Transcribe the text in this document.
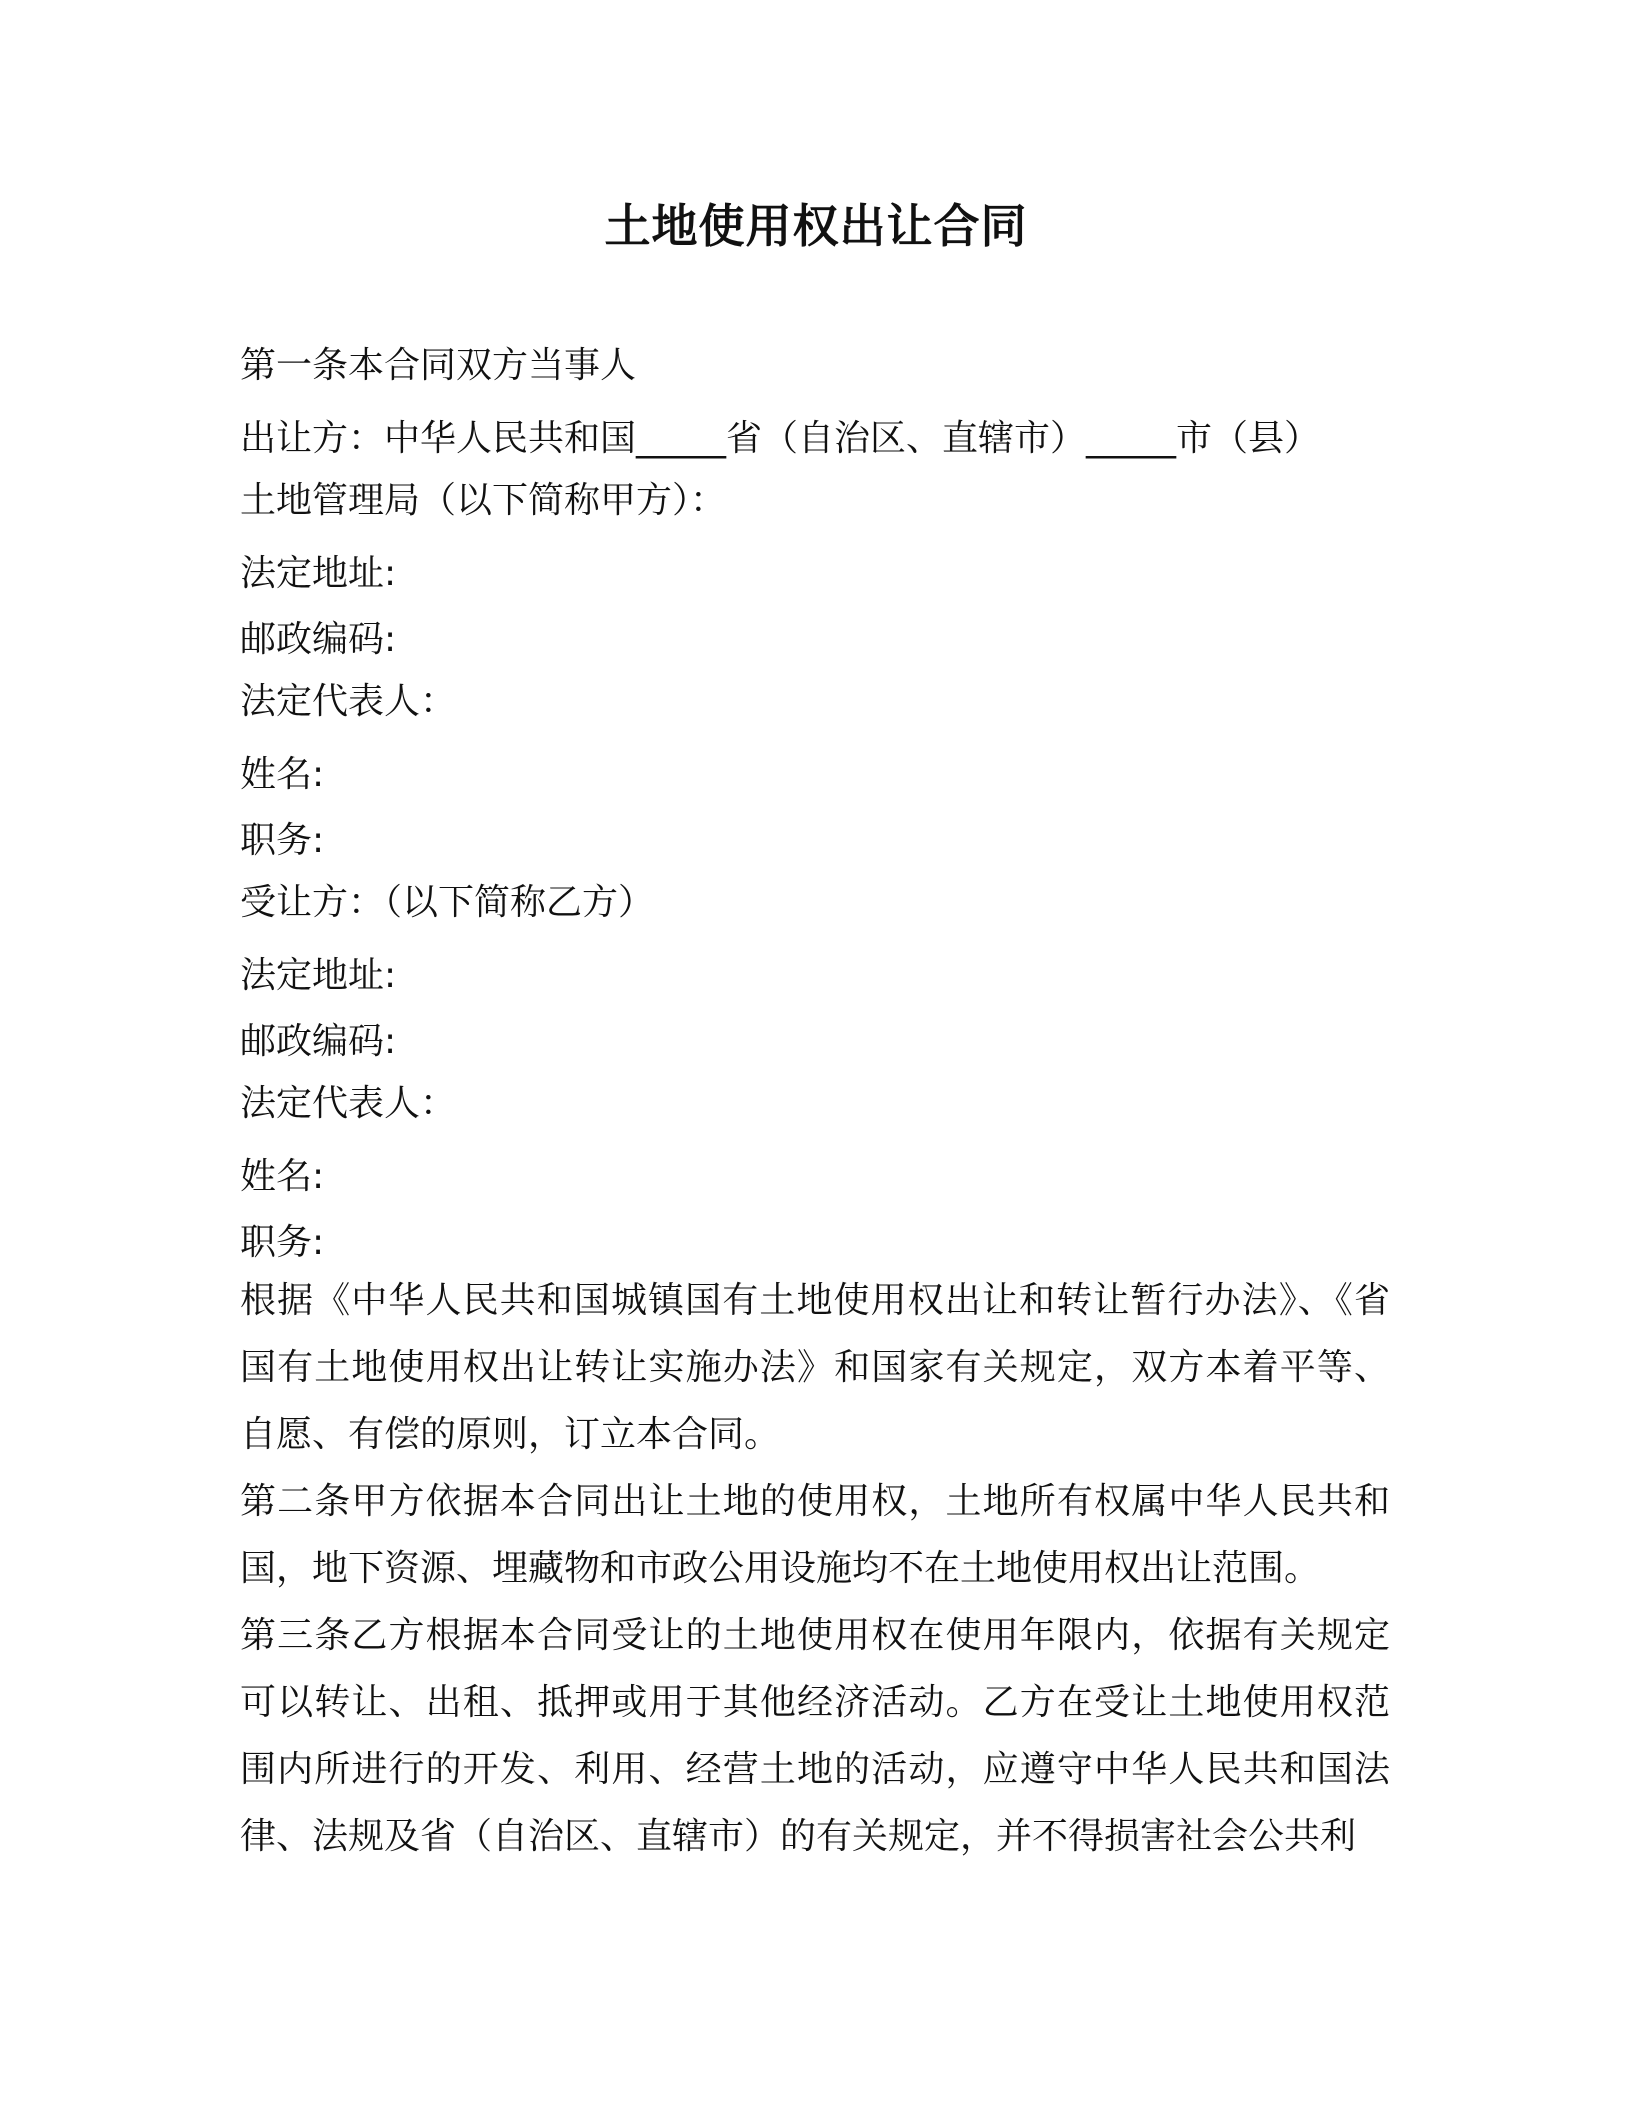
土地使用权出让合同

第一条本合同双方当事人

出让方：中华人民共和国_____省（自治区、直辖市）_____市（县）

土地管理局（以下简称甲方）：

法定地址:

邮政编码:

法定代表人：

姓名:

职务:

受让方：（以下简称乙方）

法定地址:

邮政编码:

法定代表人：

姓名:

职务:

根据《中华人民共和国城镇国有土地使用权出让和转让暂行办法》、《省国有土地使用权出让转让实施办法》和国家有关规定，双方本着平等、自愿、有偿的原则，订立本合同。

第二条甲方依据本合同出让土地的使用权，土地所有权属中华人民共和国，地下资源、埋藏物和市政公用设施均不在土地使用权出让范围。

第三条乙方根据本合同受让的土地使用权在使用年限内，依据有关规定可以转让、出租、抵押或用于其他经济活动。乙方在受让土地使用权范围内所进行的开发、利用、经营土地的活动，应遵守中华人民共和国法律、法规及省（自治区、直辖市）的有关规定，并不得损害社会公共利
